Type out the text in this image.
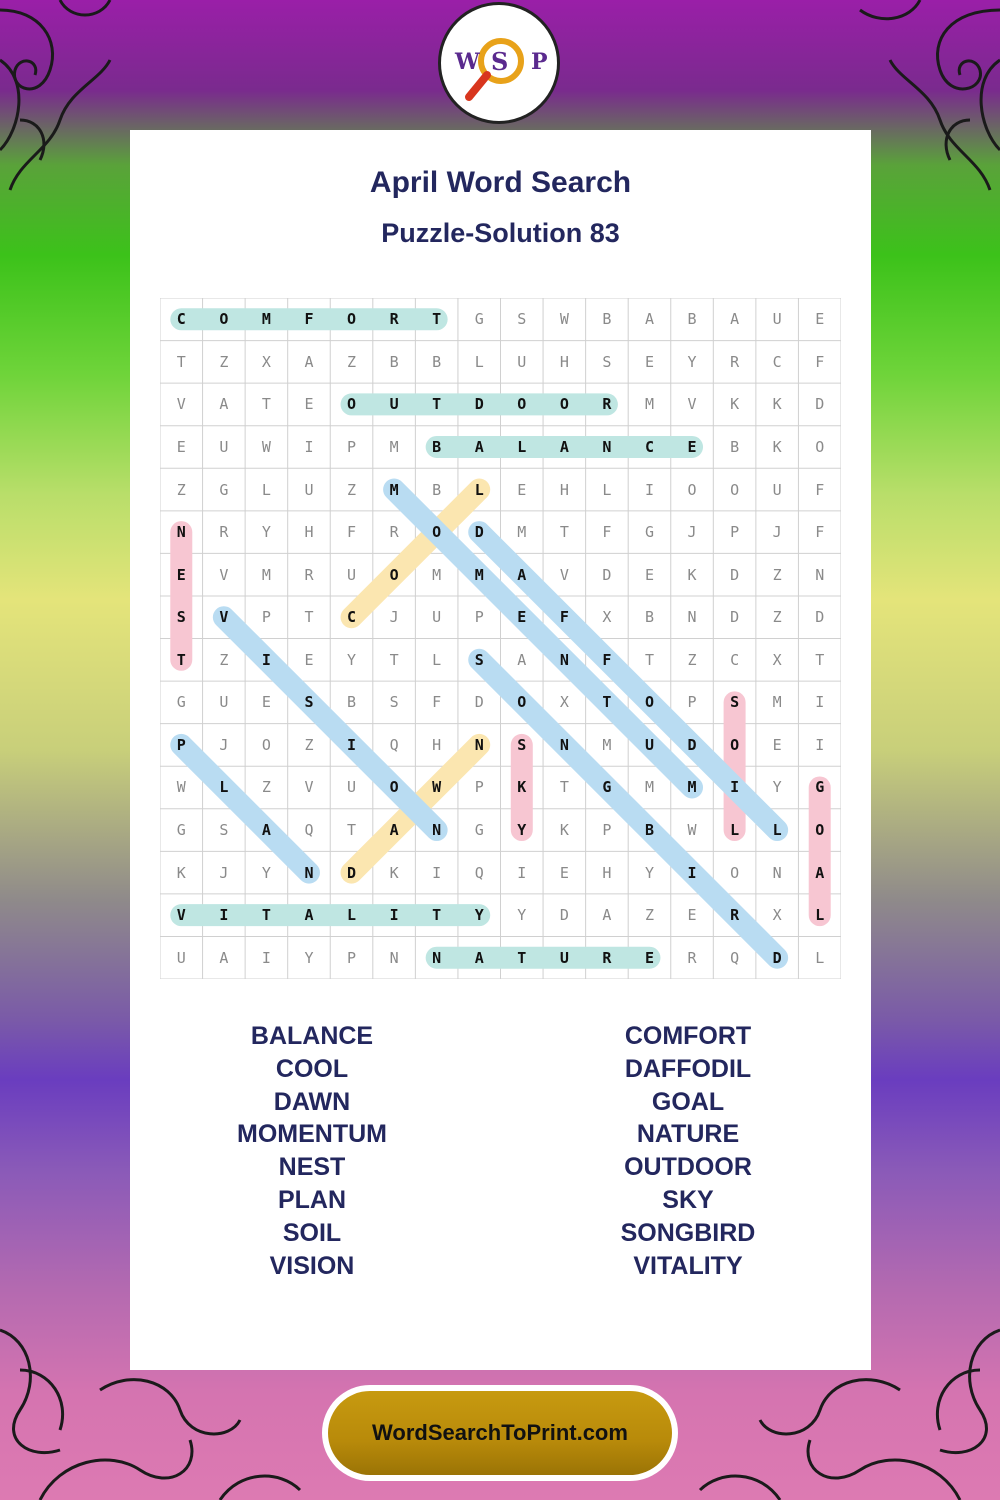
W S P
April Word Search
Puzzle-Solution 83
C	O	M	F	O	R	T	G	S	W	B	A	B	A	U	E
T	Z	X	A	Z	B	B	L	U	H	S	E	Y	R	C	F
V	A	T	E	O	U	T	D	O	O	R	M	V	K	K	D
E	U	W	I	P	M	B	A	L	A	N	C	E	B	K	O
Z	G	L	U	Z	M	B	L	E	H	L	I	O	O	U	F
N	R	Y	H	F	R	O	D	M	T	F	G	J	P	J	F
E	V	M	R	U	O	M	M	A	V	D	E	K	D	Z	N
S	V	P	T	C	J	U	P	E	F	X	B	N	D	Z	D
T	Z	I	E	Y	T	L	S	A	N	F	T	Z	C	X	T
G	U	E	S	B	S	F	D	O	X	T	O	P	S	M	I
P	J	O	Z	I	Q	H	N	S	N	M	U	D	O	E	I
W	L	Z	V	U	O	W	P	K	T	G	M	M	I	Y	G
G	S	A	Q	T	A	N	G	Y	K	P	B	W	L	L	O
K	J	Y	N	D	K	I	Q	I	E	H	Y	I	O	N	A
V	I	T	A	L	I	T	Y	Y	D	A	Z	E	R	X	L
U	A	I	Y	P	N	N	A	T	U	R	E	R	Q	D	L
BALANCE
COOL
DAWN
MOMENTUM
NEST
PLAN
SOIL
VISION
COMFORT
DAFFODIL
GOAL
NATURE
OUTDOOR
SKY
SONGBIRD
VITALITY
WordSearchToPrint.com
